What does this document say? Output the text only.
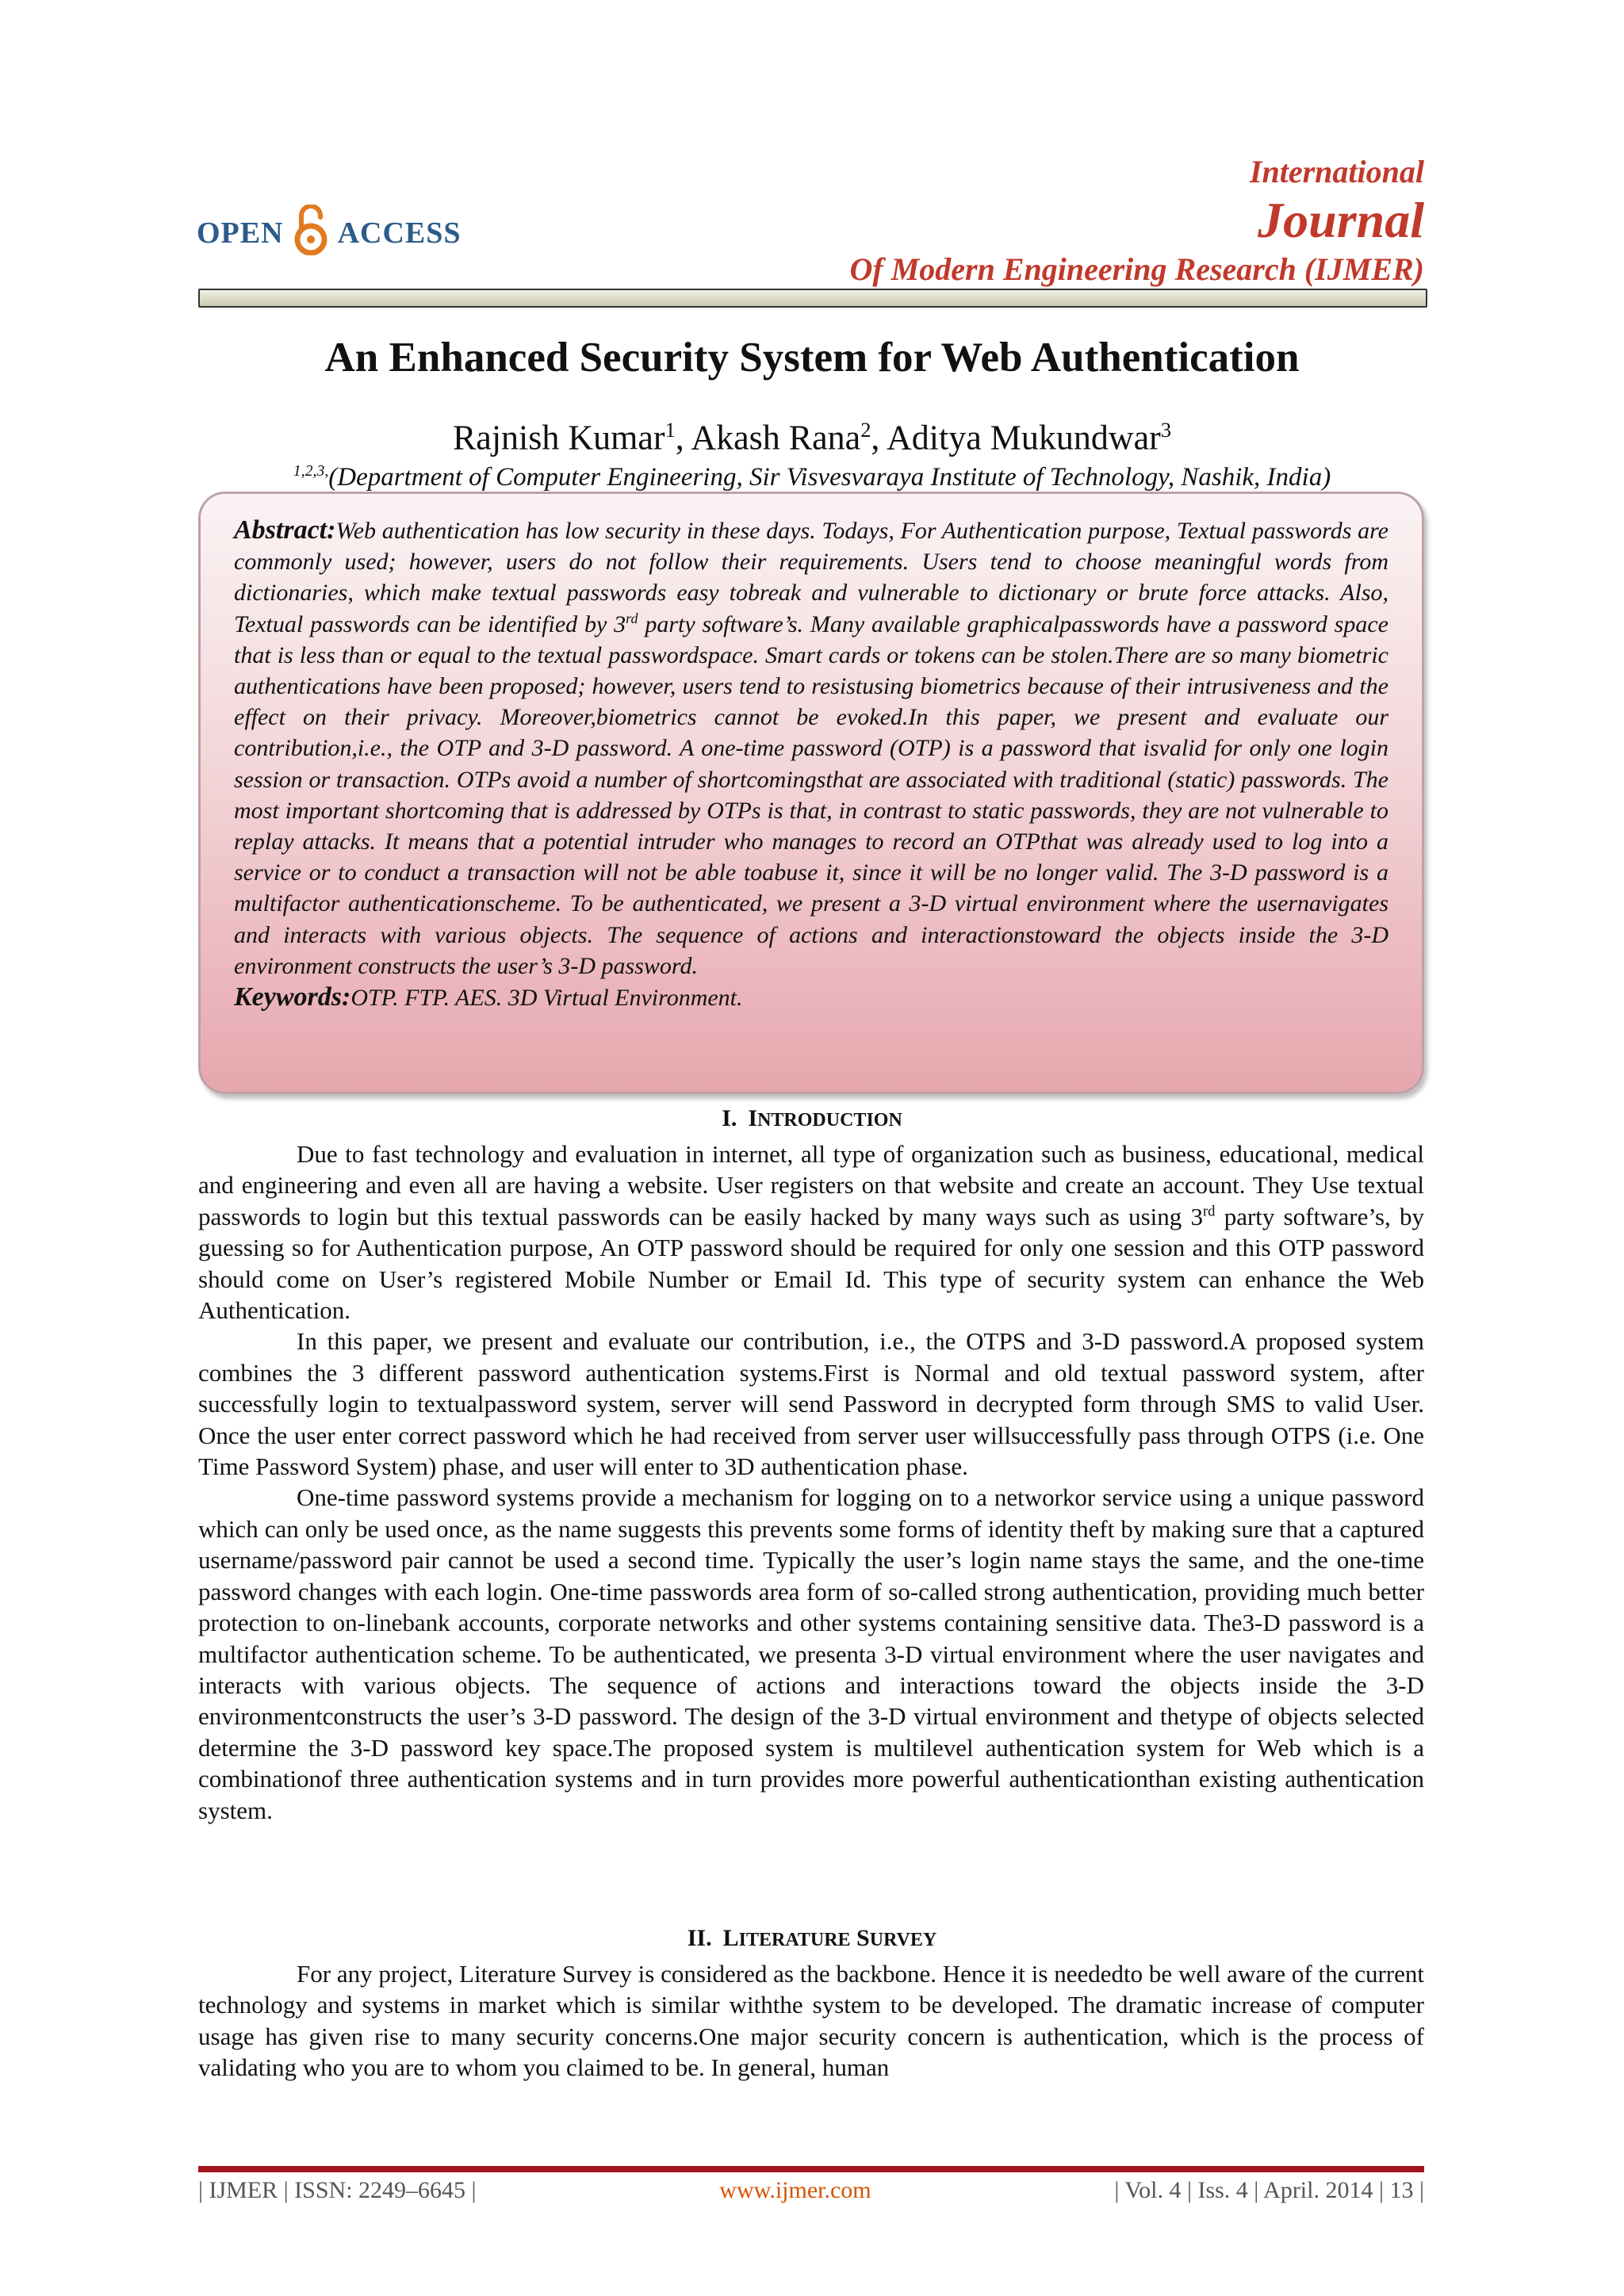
OPEN ACCESS
International
Journal
Of Modern Engineering Research (IJMER)
An Enhanced Security System for Web Authentication
Rajnish Kumar$^1$, Akash Rana$^2$, Aditya Mukundwar$^3$
$^{1,2,3,}$(Department of Computer Engineering, Sir Visvesvaraya Institute of Technology, Nashik, India)
Abstract:Web authentication has low security in these days. Todays, For Authentication purpose, Textual passwords are commonly used; however, users do not follow their requirements. Users tend to choose meaningful words from dictionaries, which make textual passwords easy tobreak and vulnerable to dictionary or brute force attacks. Also, Textual passwords can be identified by 3rd party software’s. Many available graphicalpasswords have a password space that is less than or equal to the textual passwordspace. Smart cards or tokens can be stolen.There are so many biometric authentications have been proposed; however, users tend to resistusing biometrics because of their intrusiveness and the effect on their privacy. Moreover,biometrics cannot be evoked.In this paper, we present and evaluate our contribution,i.e., the OTP and 3-D password. A one-time password (OTP) is a password that isvalid for only one login session or transaction. OTPs avoid a number of shortcomingsthat are associated with traditional (static) passwords. The most important shortcoming that is addressed by OTPs is that, in contrast to static passwords, they are not vulnerable to replay attacks. It means that a potential intruder who manages to record an OTPthat was already used to log into a service or to conduct a transaction will not be able toabuse it, since it will be no longer valid. The 3-D password is a multifactor authenticationscheme. To be authenticated, we present a 3-D virtual environment where the usernavigates and interacts with various objects. The sequence of actions and interactionstoward the objects inside the 3-D environment constructs the user’s 3-D password.
Keywords:OTP. FTP. AES. 3D Virtual Environment.
I. INTRODUCTION

Due to fast technology and evaluation in internet, all type of organization such as business, educational, medical and engineering and even all are having a website. User registers on that website and create an account. They Use textual passwords to login but this textual passwords can be easily hacked by many ways such as using 3rd party software’s, by guessing so for Authentication purpose, An OTP password should be required for only one session and this OTP password should come on User’s registered Mobile Number or Email Id. This type of security system can enhance the Web Authentication.

In this paper, we present and evaluate our contribution, i.e., the OTPS and 3-D password.A proposed system combines the 3 different password authentication systems.First is Normal and old textual password system, after successfully login to textualpassword system, server will send Password in decrypted form through SMS to valid User. Once the user enter correct password which he had received from server user willsuccessfully pass through OTPS (i.e. One Time Password System) phase, and user will enter to 3D authentication phase.

One-time password systems provide a mechanism for logging on to a networkor service using a unique password which can only be used once, as the name suggests this prevents some forms of identity theft by making sure that a captured username/password pair cannot be used a second time. Typically the user’s login name stays the same, and the one-time password changes with each login. One-time passwords area form of so-called strong authentication, providing much better protection to on-linebank accounts, corporate networks and other systems containing sensitive data. The3-D password is a multifactor authentication scheme. To be authenticated, we presenta 3-D virtual environment where the user navigates and interacts with various objects. The sequence of actions and interactions toward the objects inside the 3-D environmentconstructs the user’s 3-D password. The design of the 3-D virtual environment and thetype of objects selected determine the 3-D password key space.The proposed system is multilevel authentication system for Web which is a combinationof three authentication systems and in turn provides more powerful authenticationthan existing authentication system.

II. LITERATURE SURVEY

For any project, Literature Survey is considered as the backbone. Hence it is neededto be well aware of the current technology and systems in market which is similar withthe system to be developed. The dramatic increase of computer usage has given rise to many security concerns.One major security concern is authentication, which is the process of validating who you are to whom you claimed to be. In general, human

| IJMER | ISSN: 2249–6645 |	www.ijmer.com	| Vol. 4 | Iss. 4 | April. 2014 | 13 |
